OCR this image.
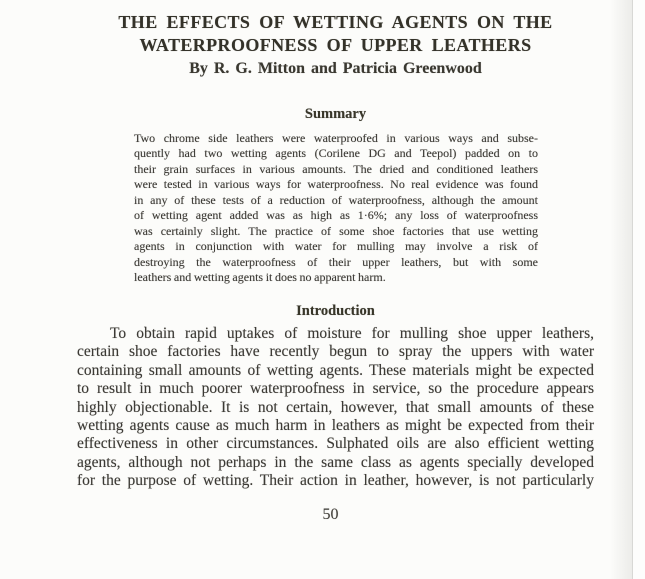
THE EFFECTS OF WETTING AGENTS ON THE
WATERPROOFNESS OF UPPER LEATHERS
By R. G. Mitton and Patricia Greenwood
Summary
Two chrome side leathers were waterproofed in various ways and subse-
quently had two wetting agents (Corilene DG and Teepol) padded on to
their grain surfaces in various amounts. The dried and conditioned leathers
were tested in various ways for waterproofness. No real evidence was found
in any of these tests of a reduction of waterproofness, although the amount
of wetting agent added was as high as 1·6%; any loss of waterproofness
was certainly slight. The practice of some shoe factories that use wetting
agents in conjunction with water for mulling may involve a risk of
destroying the waterproofness of their upper leathers, but with some
leathers and wetting agents it does no apparent harm.
Introduction
To obtain rapid uptakes of moisture for mulling shoe upper leathers,
certain shoe factories have recently begun to spray the uppers with water
containing small amounts of wetting agents. These materials might be expected
to result in much poorer waterproofness in service, so the procedure appears
highly objectionable. It is not certain, however, that small amounts of these
wetting agents cause as much harm in leathers as might be expected from their
effectiveness in other circumstances. Sulphated oils are also efficient wetting
agents, although not perhaps in the same class as agents specially developed
for the purpose of wetting. Their action in leather, however, is not particularly
50
